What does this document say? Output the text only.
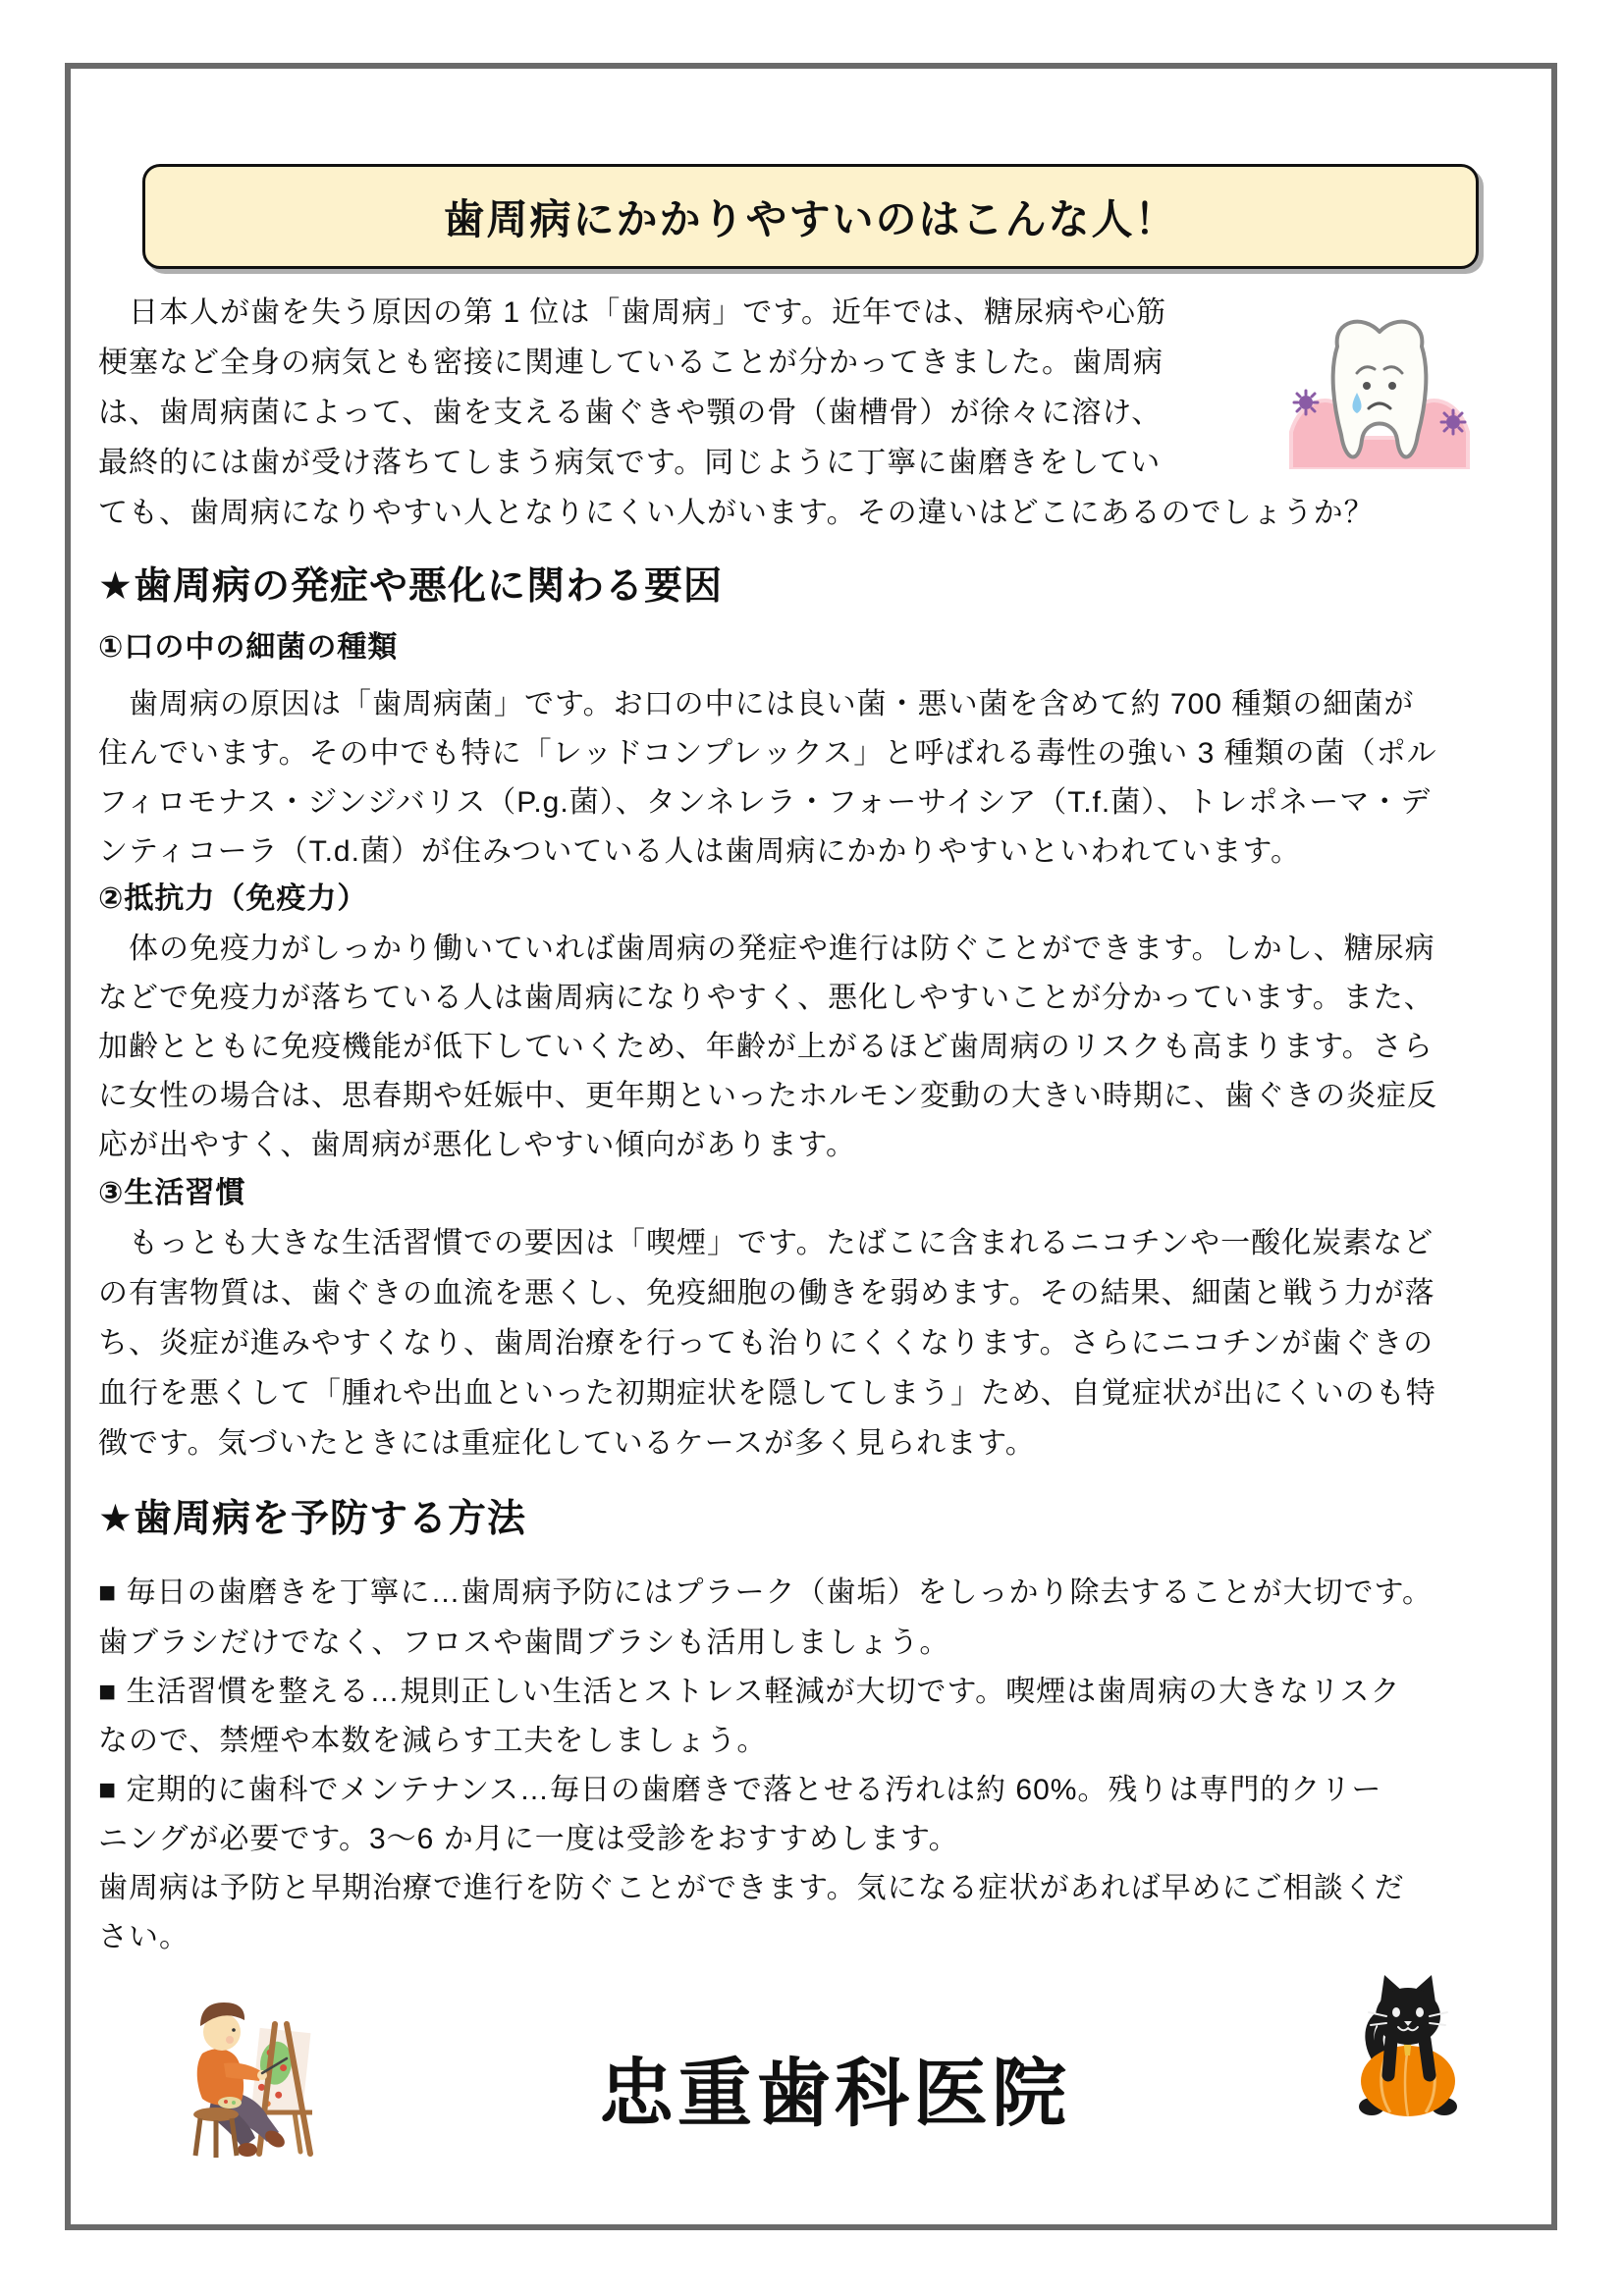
歯周病にかかりやすいのはこんな人！
　日本人が歯を失う原因の第 1 位は「歯周病」です。近年では、糖尿病や心筋
梗塞など全身の病気とも密接に関連していることが分かってきました。歯周病
は、歯周病菌によって、歯を支える歯ぐきや顎の骨（歯槽骨）が徐々に溶け、
最終的には歯が受け落ちてしまう病気です。同じように丁寧に歯磨きをしてい
ても、歯周病になりやすい人となりにくい人がいます。その違いはどこにあるのでしょうか？
★歯周病の発症や悪化に関わる要因
①口の中の細菌の種類
　歯周病の原因は「歯周病菌」です。お口の中には良い菌・悪い菌を含めて約 700 種類の細菌が
住んでいます。その中でも特に「レッドコンプレックス」と呼ばれる毒性の強い 3 種類の菌（ポル
フィロモナス・ジンジバリス（P.g.菌）、タンネレラ・フォーサイシア（T.f.菌）、トレポネーマ・デ
ンティコーラ（T.d.菌）が住みついている人は歯周病にかかりやすいといわれています。
②抵抗力（免疫力）
　体の免疫力がしっかり働いていれば歯周病の発症や進行は防ぐことができます。しかし、糖尿病
などで免疫力が落ちている人は歯周病になりやすく、悪化しやすいことが分かっています。また、
加齢とともに免疫機能が低下していくため、年齢が上がるほど歯周病のリスクも高まります。さら
に女性の場合は、思春期や妊娠中、更年期といったホルモン変動の大きい時期に、歯ぐきの炎症反
応が出やすく、歯周病が悪化しやすい傾向があります。
③生活習慣
　もっとも大きな生活習慣での要因は「喫煙」です。たばこに含まれるニコチンや一酸化炭素など
の有害物質は、歯ぐきの血流を悪くし、免疫細胞の働きを弱めます。その結果、細菌と戦う力が落
ち、炎症が進みやすくなり、歯周治療を行っても治りにくくなります。さらにニコチンが歯ぐきの
血行を悪くして「腫れや出血といった初期症状を隠してしまう」ため、自覚症状が出にくいのも特
徴です。気づいたときには重症化しているケースが多く見られます。
★歯周病を予防する方法
■ 毎日の歯磨きを丁寧に…歯周病予防にはプラーク（歯垢）をしっかり除去することが大切です。
歯ブラシだけでなく、フロスや歯間ブラシも活用しましょう。
■ 生活習慣を整える…規則正しい生活とストレス軽減が大切です。喫煙は歯周病の大きなリスク
なので、禁煙や本数を減らす工夫をしましょう。
■ 定期的に歯科でメンテナンス…毎日の歯磨きで落とせる汚れは約 60%。残りは専門的クリー
ニングが必要です。3～6 か月に一度は受診をおすすめします。
歯周病は予防と早期治療で進行を防ぐことができます。気になる症状があれば早めにご相談くだ
さい。
忠重歯科医院
